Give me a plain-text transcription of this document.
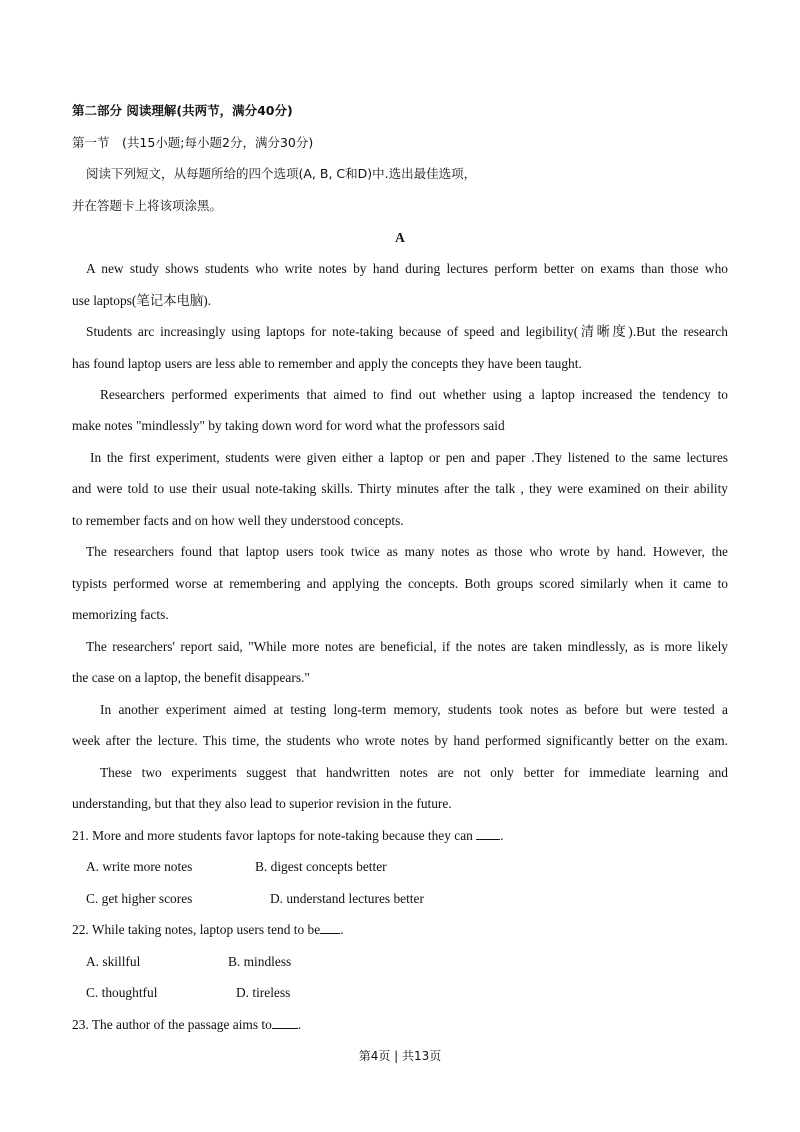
第二部分 阅读理解(共两节，满分40分)
第一节　(共15小题;每小题2分，满分30分)
阅读下列短文，从每题所给的四个选项(A, B, C和D)中.选出最佳选项，
并在答题卡上将该项涂黑。
A
A new study shows students who write notes by hand during lectures perform better on exams than those who
use laptops(笔记本电脑).
Students arc increasingly using laptops for note-taking because of speed and legibility(清晰度).But the research
has found laptop users are less able to remember and apply the concepts they have been taught.
Researchers performed experiments that aimed to find out whether using a laptop increased the tendency to
make notes "mindlessly" by taking down word for word what the professors said
In the first experiment, students were given either a laptop or pen and paper .They listened to the same lectures
and were told to use their usual note-taking skills. Thirty minutes after the talk , they were examined on their ability
to remember facts and on how well they understood concepts.
The researchers found that laptop users took twice as many notes as those who wrote by hand. However, the
typists performed worse at remembering and applying the concepts. Both groups scored similarly when it came to
memorizing facts.
The researchers' report said, "While more notes are beneficial, if the notes are taken mindlessly, as is more likely
the case on a laptop, the benefit disappears."
In another experiment aimed at testing long-term memory, students took notes as before but were tested a
week after the lecture. This time, the students who wrote notes by hand performed significantly better on the exam.
These two experiments suggest that handwritten notes are not only better for immediate learning and
understanding, but that they also lead to superior revision in the future.
21. More and more students favor laptops for note-taking because they can .
A. write more notes	B. digest concepts better
C. get higher scores	D. understand lectures better
22. While taking notes, laptop users tend to be .
A. skillful	B. mindless
C. thoughtful	D. tireless
23. The author of the passage aims to .
第4页 | 共13页
